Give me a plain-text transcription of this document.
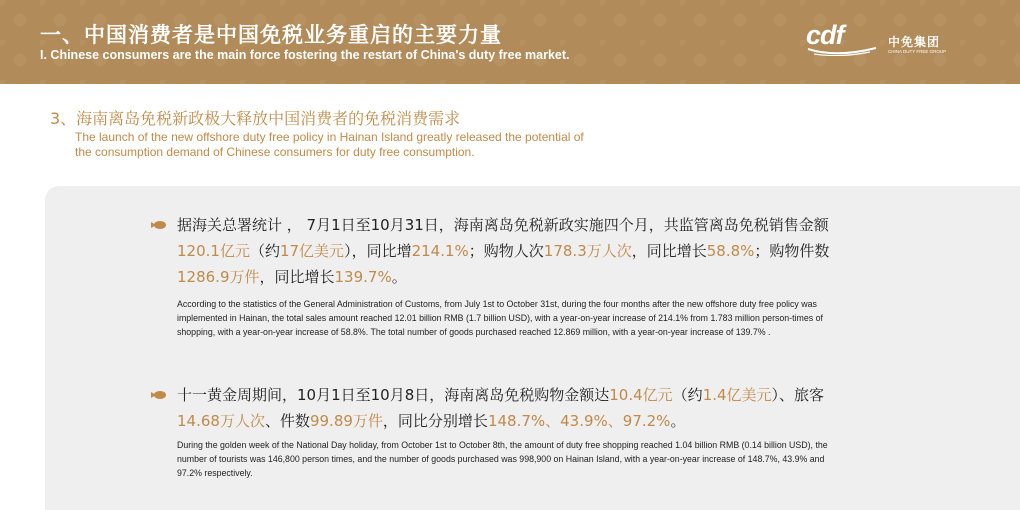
一、中国消费者是中国免税业务重启的主要力量
I. Chinese consumers are the main force fostering the restart of China's duty free market.
cdf	中免集团
CHINA DUTY FREE GROUP
3、海南离岛免税新政极大释放中国消费者的免税消费需求
The launch of the new offshore duty free policy in Hainan Island greatly released the potential of the consumption demand of Chinese consumers for duty free consumption.
据海关总署统计 ， 7月1日至10月31日，海南离岛免税新政实施四个月，共监管离岛免税销售金额120.1亿元（约17亿美元），同比增214.1%；购物人次178.3万人次，同比增长58.8%；购物件数1286.9万件，同比增长139.7%。
According to the statistics of the General Administration of Customs, from July 1st to October 31st, during the four months after the new offshore duty free policy was implemented in Hainan, the total sales amount reached 12.01 billion RMB (1.7 billion USD), with a year-on-year increase of 214.1% from 1.783 million person-times of shopping, with a year-on-year increase of 58.8%. The total number of goods purchased reached 12.869 million, with a year-on-year increase of 139.7% .
十一黄金周期间，10月1日至10月8日，海南离岛免税购物金额达10.4亿元（约1.4亿美元）、旅客14.68万人次、件数99.89万件，同比分别增长148.7%、43.9%、97.2%。
During the golden week of the National Day holiday, from October 1st to October 8th, the amount of duty free shopping reached 1.04 billion RMB (0.14 billion USD), the number of tourists was 146,800 person times, and the number of goods purchased was 998,900 on Hainan Island, with a year-on-year increase of 148.7%, 43.9% and 97.2% respectively.
